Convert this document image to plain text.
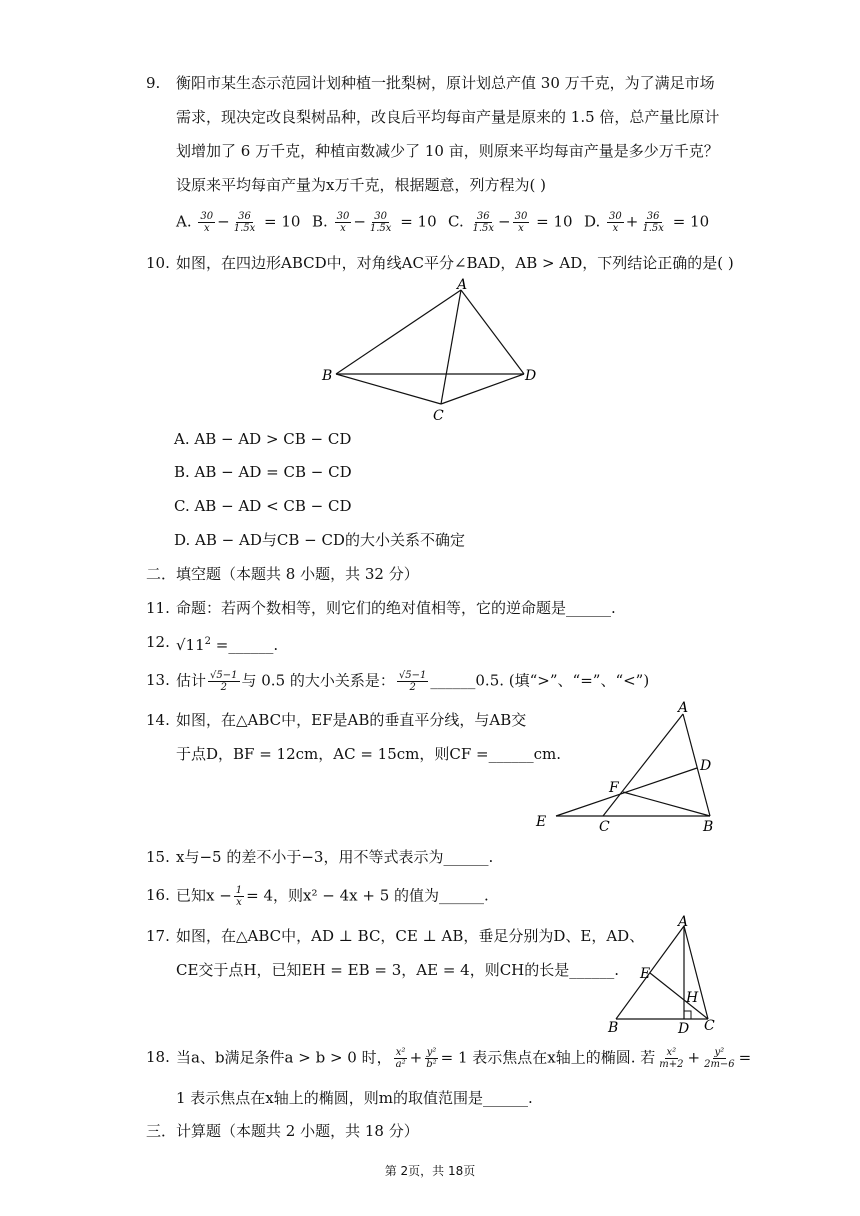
9. 衡阳市某生态示范园计划种植一批梨树，原计划总产值 30 万千克，为了满足市场
需求，现决定改良梨树品种，改良后平均每亩产量是原来的 1.5 倍，总产量比原计
划增加了 6 万千克，种植亩数减少了 10 亩，则原来平均每亩产量是多少万千克？
设原来平均每亩产量为x万千克，根据题意，列方程为( )
A. $\frac{30}{x} - \frac{36}{1.5x} = 10$ B. $\frac{30}{x} - \frac{30}{1.5x} = 10$ C. $\frac{36}{1.5x} - \frac{30}{x} = 10$ D. $\frac{30}{x} + \frac{36}{1.5x} = 10$
10. 如图，在四边形ABCD中，对角线AC平分∠BAD，AB > AD，下列结论正确的是( )
A
B	D
C
A. AB − AD > CB − CD
B. AB − AD = CB − CD
C. AB − AD < CB − CD
D. AB − AD与CB − CD的大小关系不确定
二．填空题（本题共 8 小题，共 32 分）
11. 命题：若两个数相等，则它们的绝对值相等，它的逆命题是______.
12. $√11^2$ =______.
13. 估计 $\frac{√5-1}{2}$ 与 0.5 的大小关系是： $\frac{√5-1}{2}$ ______0.5. (填“>”、“=”、“<”)
14. 如图，在△ABC中，EF是AB的垂直平分线，与AB交
于点D，BF = 12cm，AC = 15cm，则CF =______cm.
A
D
F
E	C	B
15. x与−5 的差不小于−3，用不等式表示为______.
16. 已知$x - \frac{1}{x} = 4$，则x² − 4x + 5 的值为______.
17. 如图，在△ABC中，AD ⊥ BC，CE ⊥ AB，垂足分别为D、E，AD、
CE交于点H，已知EH = EB = 3，AE = 4，则CH的长是______.
A
E
H
B	D C
18. 当a、b满足条件a > b > 0 时， $\frac{\text{x²}}{\text{a²}} + \frac{\text{y²}}{\text{b²}} = 1$ 表示焦点在x轴上的椭圆. 若 $\frac{\text{x²}}{m+2} + \frac{\text{y²}}{2m-6}$ =
1 表示焦点在x轴上的椭圆，则m的取值范围是______.
三．计算题（本题共 2 小题，共 18 分）
第 2页，共 18页
